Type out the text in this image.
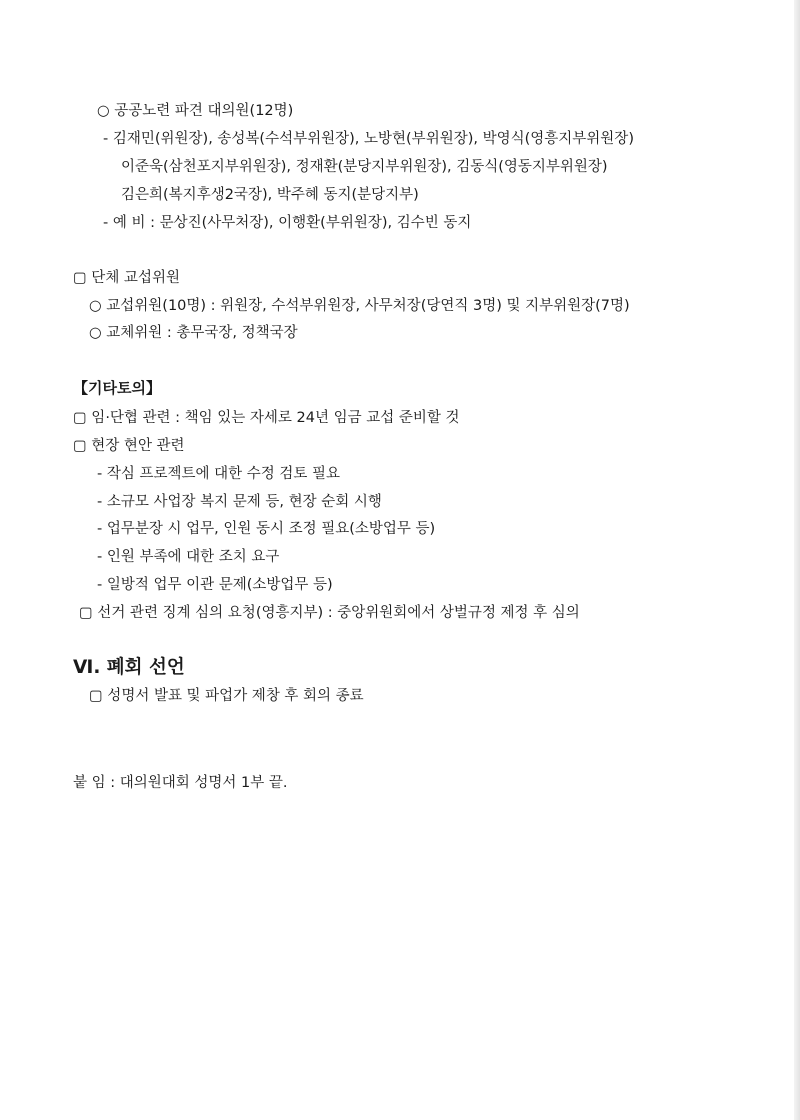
○ 공공노련 파견 대의원(12명)
- 김재민(위원장), 송성복(수석부위원장), 노방현(부위원장), 박영식(영흥지부위원장)
이준욱(삼천포지부위원장), 정재환(분당지부위원장), 김동식(영동지부위원장)
김은희(복지후생2국장), 박주혜 동지(분당지부)
- 예 비 : 문상진(사무처장), 이행환(부위원장), 김수빈 동지
▢ 단체 교섭위원
○ 교섭위원(10명) : 위원장, 수석부위원장, 사무처장(당연직 3명) 및 지부위원장(7명)
○ 교체위원 : 총무국장, 정책국장
【기타토의】
▢ 임·단협 관련 : 책임 있는 자세로 24년 임금 교섭 준비할 것
▢ 현장 현안 관련
- 작심 프로젝트에 대한 수정 검토 필요
- 소규모 사업장 복지 문제 등, 현장 순회 시행
- 업무분장 시 업무, 인원 동시 조정 필요(소방업무 등)
- 인원 부족에 대한 조치 요구
- 일방적 업무 이관 문제(소방업무 등)
▢ 선거 관련 징계 심의 요청(영흥지부) : 중앙위원회에서 상벌규정 제정 후 심의
Ⅵ. 폐회 선언
▢ 성명서 발표 및 파업가 제창 후 회의 종료
붙 임 : 대의원대회 성명서 1부 끝.
